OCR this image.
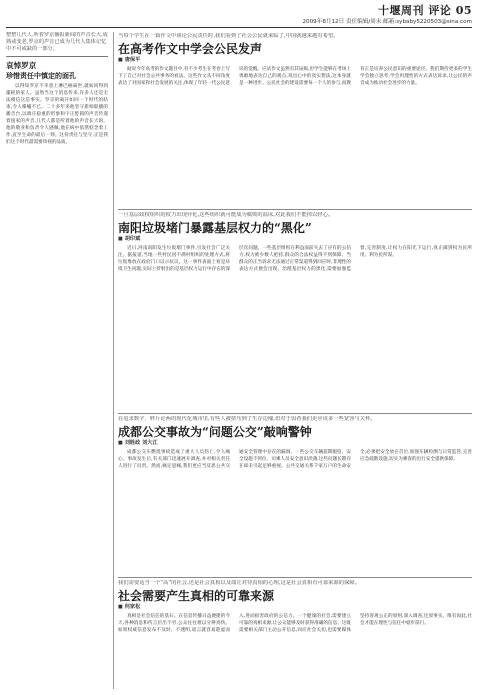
十堰周刊 评论 05
2009年8月12日 责任编辑/周末 邮箱:sybaby5220503@sina.com
整整几代人,听着罗京播报新闻的声音长大,成熟或变老,罗京的声音已成为几代人集体记忆中不可或缺的一部分。
哀悼罗京
珍惜责任中慎定的面孔

以得知罗京不幸患上淋巴癌离世,就如同得到噩耗的家人。虽然当这个消息传来,许多人还是无法相信这是事实。罗京的离开如同一个时代的结束,令人唏嘘不已。二十多年来他坚守新闻联播的播音台,以端庄稳重的形象和字正腔圆的声音传递着国家的声音,几代人都是听着他的声音长大的。他的敬业和负责令人感佩,他在病中依然惦念着工作,直至生命的最后一刻。这份责任与坚守,正是我们这个时代最需要珍视的品质。

当每个学生在一篇作文中谈论公民责任时,我们看到了社会公民就来临了,中国就越来越有希望。
在高考作文中学会公民发声
■ 唐保平

据说今年高考的作文题目中,有不少考生在考卷上写下了自己对社会公共事务的看法。这些作文从不同角度表达了对国家和社会发展的关注,体现了年轻一代公民意识的觉醒。应试作文虽然有其局限,但学生能够在考场上勇敢地表达自己的观点,说出心中的真实想法,这本身就是一种进步。公民社会的建设需要每一个人的参与,而教育正是培养公民意识的重要途径。我们期待更多的学生学会独立思考,学会用理性的方式表达诉求,让公民的声音成为推动社会进步的力量。

一旦基层政权组织的权力出现异化,这些组织就可能成为腐败的温床,对此我们不能掉以轻心。
南阳垃圾堵门暴露基层权力的“黑化”
■ 胡印斌

近日,河南南阳发生垃圾堵门事件,引发社会广泛关注。据报道,当地一些村民因不满村组织的处理方式,将垃圾堆放在政府门口以示抗议。这一事件表面上看是环境卫生问题,实际上折射出的是基层权力运行中存在的深层次问题。一些基层组织在利益面前失去了应有的公信力,权力被少数人把持,群众的合法权益得不到保障。当群众的正当诉求无法通过正常渠道得到回应时,非理性的表达方式便会出现。治理基层权力的黑化,需要加强监督,完善制度,让权力在阳光下运行,真正做到权为民所用、利为民所谋。

在追求数字、秤斤论两的现代化城市里,有些人被挤压到了生存边缘,但对于弱者我们更应该多一些宽容与关怀。
成都公交事故为“问题公交”敲响警钟
■ 刘胜政 刘大江

成都公交车燃烧事故造成了重大人员伤亡,令人痛心。事故发生后,有关部门迅速展开调查,并对相关责任人进行了问责。然而,痛定思痛,我们更应当反思公共交通安全管理中存在的漏洞。一些公交车辆超期服役、安全设施不到位、司乘人员安全意识淡薄,这些问题长期存在却未引起足够重视。公共交通关系千家万户的生命安全,必须把安全放在首位,加强车辆检测与日常监管,完善应急疏散设施,切实为乘客的出行安全提供保障。

我们需要适当一个“高”的社会,还是社会真相以及端正对待真相的心理,这是社会真相有可靠来源的保障。
社会需要产生真相的可靠来源
■ 何家松

真相是社会信任的基石。在信息传播日益便捷的今天,各种消息和传言层出不穷,公众往往难以分辨真伪。如果权威信息发布不及时、不透明,谣言就容易趁虚而入,进而损害政府的公信力。一个健康的社会,需要建立可靠的真相来源,让公众能够及时获得准确的信息。这既需要相关部门主动公开信息,回应社会关切,也需要媒体坚持客观公正的原则,深入调查,还原事实。唯有如此,社会才能在理性与信任中稳步前行。
